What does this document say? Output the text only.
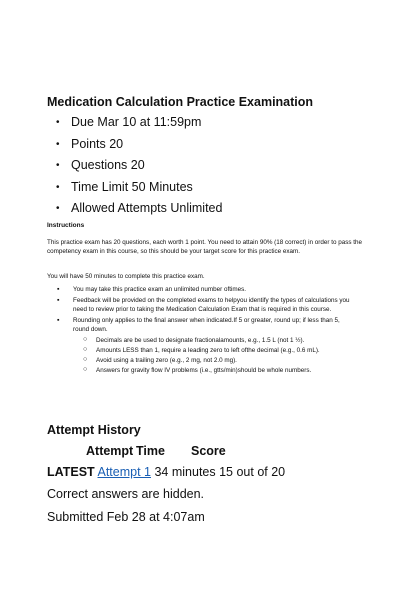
Medication Calculation Practice Examination
• Due Mar 10 at 11:59pm
• Points 20
• Questions 20
• Time Limit 50 Minutes
• Allowed Attempts Unlimited
Instructions

This practice exam has 20 questions, each worth 1 point. You need to attain 90% (18 correct) in order to pass the competency exam in this course, so this should be your target score for this practice exam.

You will have 50 minutes to complete this practice exam.

▪ You may take this practice exam an unlimited number oftimes.
▪ Feedback will be provided on the completed exams to helpyou identify the types of calculations you need to review prior to taking the Medication Calculation Exam that is required in this course.
▪ Rounding only applies to the final answer when indicated.If 5 or greater, round up; if less than 5, round down.
○ Decimals are be used to designate fractionalamounts, e.g., 1.5 L (not 1 ½).
○ Amounts LESS than 1, require a leading zero to left ofthe decimal (e.g., 0.6 mL).
○ Avoid using a trailing zero (e.g., 2 mg, not 2.0 mg).
○ Answers for gravity flow IV problems (i.e., gtts/min)should be whole numbers.
Attempt History
Attempt Time Score
LATEST Attempt 1 34 minutes 15 out of 20
Correct answers are hidden.
Submitted Feb 28 at 4:07am
